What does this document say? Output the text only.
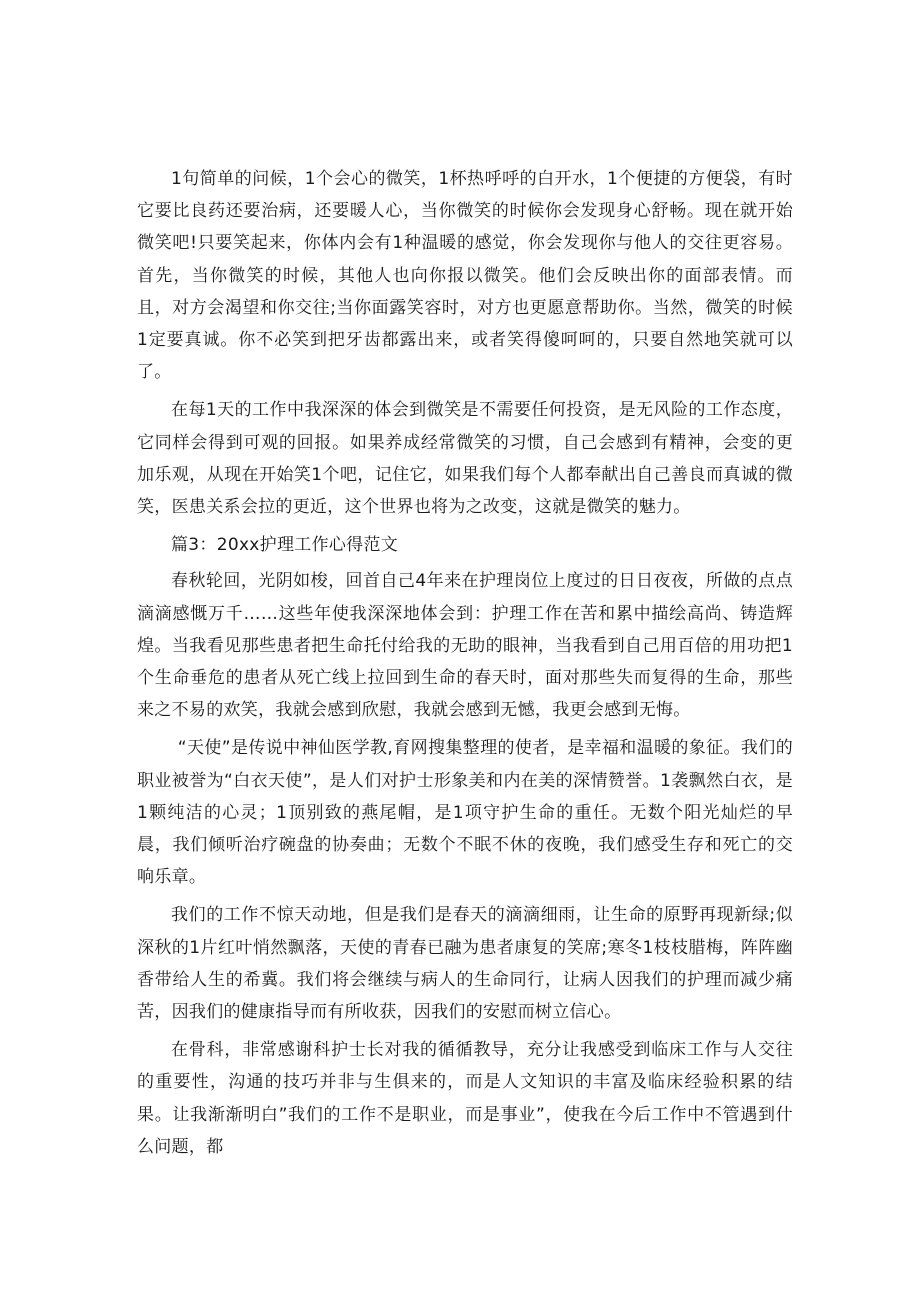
1句简单的问候，1个会心的微笑，1杯热呼呼的白开水，1个便捷的方便袋，有时它要比良药还要治病，还要暖人心，当你微笑的时候你会发现身心舒畅。现在就开始微笑吧!只要笑起来，你体内会有1种温暖的感觉，你会发现你与他人的交往更容易。首先，当你微笑的时候，其他人也向你报以微笑。他们会反映出你的面部表情。而且，对方会渴望和你交往;当你面露笑容时，对方也更愿意帮助你。当然，微笑的时候1定要真诚。你不必笑到把牙齿都露出来，或者笑得傻呵呵的，只要自然地笑就可以了。

在每1天的工作中我深深的体会到微笑是不需要任何投资，是无风险的工作态度，它同样会得到可观的回报。如果养成经常微笑的习惯，自己会感到有精神，会变的更加乐观，从现在开始笑1个吧，记住它，如果我们每个人都奉献出自己善良而真诚的微笑，医患关系会拉的更近，这个世界也将为之改变，这就是微笑的魅力。

篇3：20xx护理工作心得范文

春秋轮回，光阴如梭，回首自己4年来在护理岗位上度过的日日夜夜，所做的点点滴滴感慨万千……这些年使我深深地体会到：护理工作在苦和累中描绘高尚、铸造辉煌。当我看见那些患者把生命托付给我的无助的眼神，当我看到自己用百倍的用功把1个生命垂危的患者从死亡线上拉回到生命的春天时，面对那些失而复得的生命，那些来之不易的欢笑，我就会感到欣慰，我就会感到无憾，我更会感到无悔。

“天使”是传说中神仙医学教,育网搜集整理的使者，是幸福和温暖的象征。我们的职业被誉为“白衣天使”，是人们对护士形象美和内在美的深情赞誉。1袭飘然白衣，是1颗纯洁的心灵；1顶别致的燕尾帽，是1项守护生命的重任。无数个阳光灿烂的早晨，我们倾听治疗碗盘的协奏曲；无数个不眠不休的夜晚，我们感受生存和死亡的交响乐章。

我们的工作不惊天动地，但是我们是春天的滴滴细雨，让生命的原野再现新绿;似深秋的1片红叶悄然飘落，天使的青春已融为患者康复的笑席;寒冬1枝枝腊梅，阵阵幽香带给人生的希冀。我们将会继续与病人的生命同行，让病人因我们的护理而减少痛苦，因我们的健康指导而有所收获，因我们的安慰而树立信心。

在骨科，非常感谢科护士长对我的循循教导，充分让我感受到临床工作与人交往的重要性，沟通的技巧并非与生俱来的，而是人文知识的丰富及临床经验积累的结果。让我渐渐明白”我们的工作不是职业，而是事业”，使我在今后工作中不管遇到什么问题，都
